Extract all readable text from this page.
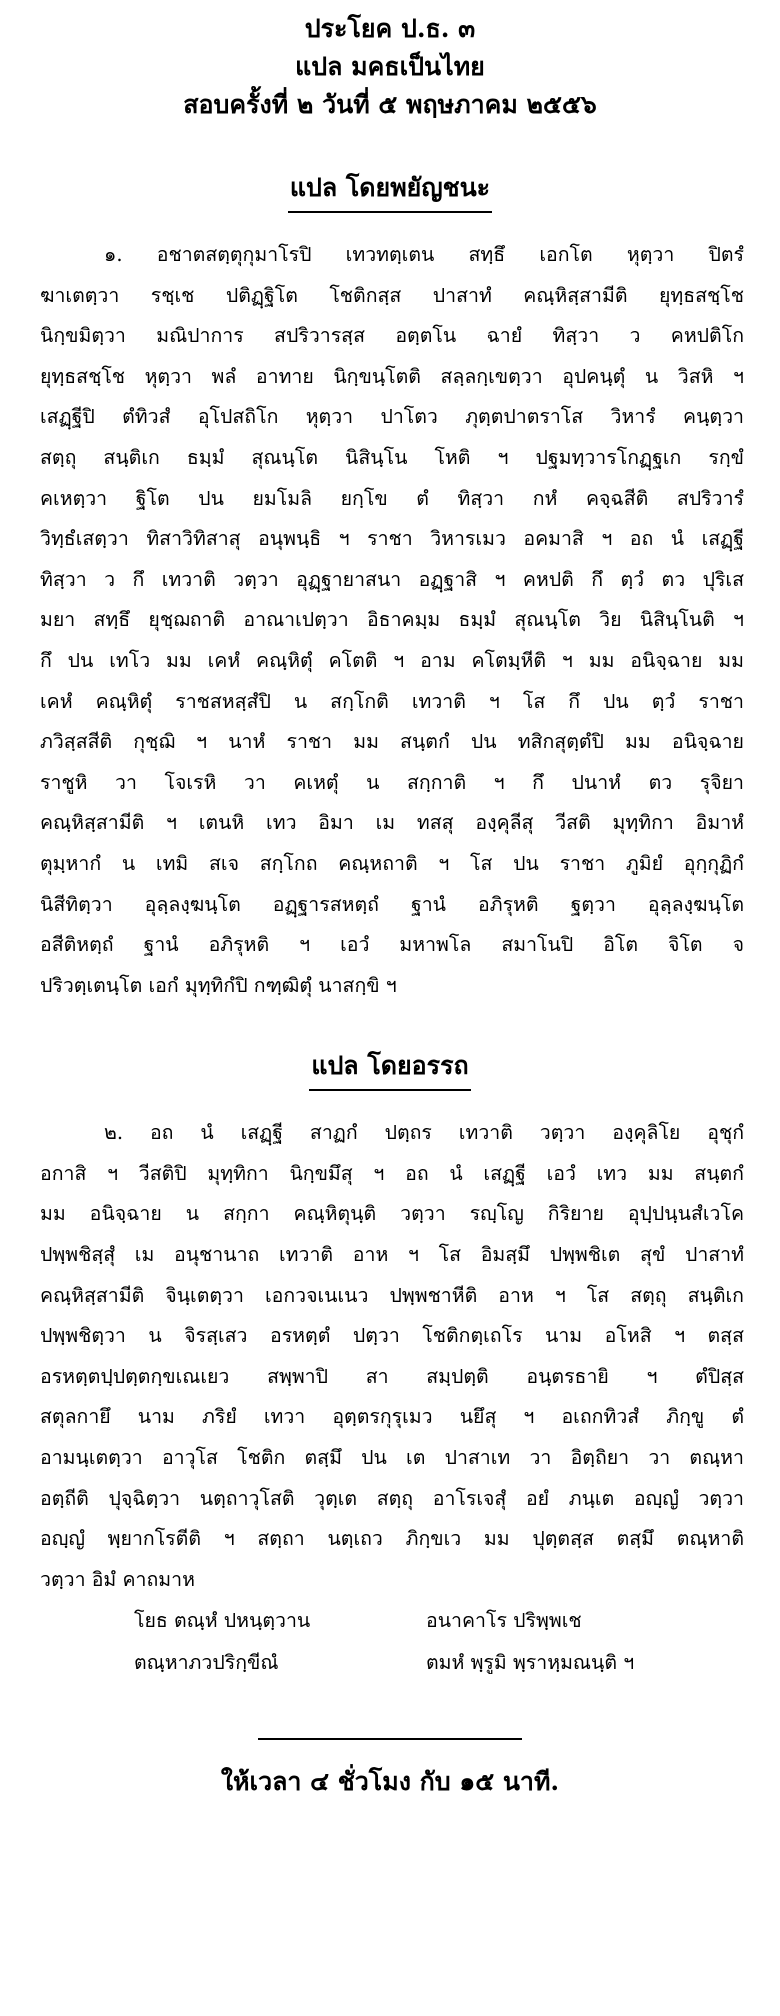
ประโยค ป.ธ. ๓
แปล มคธเป็นไทย
สอบครั้งที่ ๒ วันที่ ๕ พฤษภาคม ๒๕๕๖
แปล โดยพยัญชนะ
๑. อชาตสตฺตุกุมาโรปิ เทวทตฺเตน สทฺธึ เอกโต หุตฺวา ปิตรํ
ฆาเตตฺวา รชฺเช ปติฏฺฐิโต โชติกสฺส ปาสาทํ คณฺหิสฺสามีติ ยุทฺธสชฺโช
นิกฺขมิตฺวา มณิปาการ สปริวารสฺส อตฺตโน ฉายํ ทิสฺวา ว คหปติโก
ยุทฺธสชฺโช หุตฺวา พลํ อาทาย นิกฺขนฺโตติ สลฺลกฺเขตฺวา อุปคนฺตุํ น วิสหิ ฯ
เสฏฺฐีปิ ตํทิวสํ อุโปสถิโก หุตฺวา ปาโตว ภุตฺตปาตราโส วิหารํ คนฺตฺวา
สตฺถุ สนฺติเก ธมฺมํ สุณนฺโต นิสินฺโน โหติ ฯ ปฐมทฺวารโกฏฺฐเก รกฺขํ
คเหตฺวา ฐิโต ปน ยมโมลิ ยกฺโข ตํ ทิสฺวา กหํ คจฺฉสีติ สปริวารํ
วิทฺธํเสตฺวา ทิสาวิทิสาสุ อนุพนฺธิ ฯ ราชา วิหารเมว อคมาสิ ฯ อถ นํ เสฏฺฐี
ทิสฺวา ว กึ เทวาติ วตฺวา อุฏฺฐายาสนา อฏฺฐาสิ ฯ คหปติ กึ ตฺวํ ตว ปุริเส
มยา สทฺธึ ยุชฺฌถาติ อาณาเปตฺวา อิธาคมฺม ธมฺมํ สุณนฺโต วิย นิสินฺโนติ ฯ
กึ ปน เทโว มม เคหํ คณฺหิตุํ คโตติ ฯ อาม คโตมฺหีติ ฯ มม อนิจฺฉาย มม
เคหํ คณฺหิตุํ ราชสหสฺสํปิ น สกฺโกติ เทวาติ ฯ โส กึ ปน ตฺวํ ราชา
ภวิสฺสสีติ กุชฺฌิ ฯ นาหํ ราชา มม สนฺตกํ ปน ทสิกสุตฺตํปิ มม อนิจฺฉาย
ราชูหิ วา โจเรหิ วา คเหตุํ น สกฺกาติ ฯ กึ ปนาหํ ตว รุจิยา
คณฺหิสฺสามีติ ฯ เตนหิ เทว อิมา เม ทสสุ องฺคุลีสุ วีสติ มุทฺทิกา อิมาหํ
ตุมฺหากํ น เทมิ สเจ สกฺโกถ คณฺหถาติ ฯ โส ปน ราชา ภูมิยํ อุกฺกุฏิกํ
นิสีทิตฺวา อุลฺลงฺฆนฺโต อฏฺฐารสหตฺถํ ฐานํ อภิรุหติ ฐตฺวา อุลฺลงฺฆนฺโต
อสีติหตฺถํ ฐานํ อภิรุหติ ฯ เอวํ มหาพโล สมาโนปิ อิโต จิโต จ
ปริวตฺเตนฺโต เอกํ มุทฺทิกํปิ กฑฺฒิตุํ นาสกฺขิ ฯ
แปล โดยอรรถ
๒. อถ นํ เสฏฺฐี สาฏกํ ปตฺถร เทวาติ วตฺวา องฺคุลิโย อุชุกํ
อกาสิ ฯ วีสติปิ มุทฺทิกา นิกฺขมึสุ ฯ อถ นํ เสฏฺฐี เอวํ เทว มม สนฺตกํ
มม อนิจฺฉาย น สกฺกา คณฺหิตุนฺติ วตฺวา รญฺโญ กิริยาย อุปฺปนฺนสํเวโค
ปพฺพชิสฺสุํ เม อนุชานาถ เทวาติ อาห ฯ โส อิมสฺมึ ปพฺพชิเต สุขํ ปาสาทํ
คณฺหิสฺสามีติ จินฺเตตฺวา เอกวจเนเนว ปพฺพชาหีติ อาห ฯ โส สตฺถุ สนฺติเก
ปพฺพชิตฺวา น จิรสฺเสว อรหตฺตํ ปตฺวา โชติกตฺเถโร นาม อโหสิ ฯ ตสฺส
อรหตฺตปฺปตฺตกฺขเณเยว สพฺพาปิ สา สมฺปตฺติ อนฺตรธายิ ฯ ตํปิสฺส
สตุลกายึ นาม ภริยํ เทวา อุตฺตรกุรุเมว นยึสุ ฯ อเถกทิวสํ ภิกฺขู ตํ
อามนฺเตตฺวา อาวุโส โชติก ตสฺมึ ปน เต ปาสาเท วา อิตฺถิยา วา ตณฺหา
อตฺถีติ ปุจฺฉิตฺวา นตฺถาวุโสติ วุตฺเต สตฺถุ อาโรเจสุํ อยํ ภนฺเต อญฺญํ วตฺวา
อญฺญํ พฺยากโรตีติ ฯ สตฺถา นตฺเถว ภิกฺขเว มม ปุตฺตสฺส ตสฺมึ ตณฺหาติ
วตฺวา อิมํ คาถมาห
โยธ ตณฺหํ ปหนฺตฺวาน	อนาคาโร ปริพฺพเช
ตณฺหาภวปริกฺขีณํ	ตมหํ พฺรูมิ พฺราหฺมณนฺติ ฯ
ให้เวลา ๔ ชั่วโมง กับ ๑๕ นาที.
